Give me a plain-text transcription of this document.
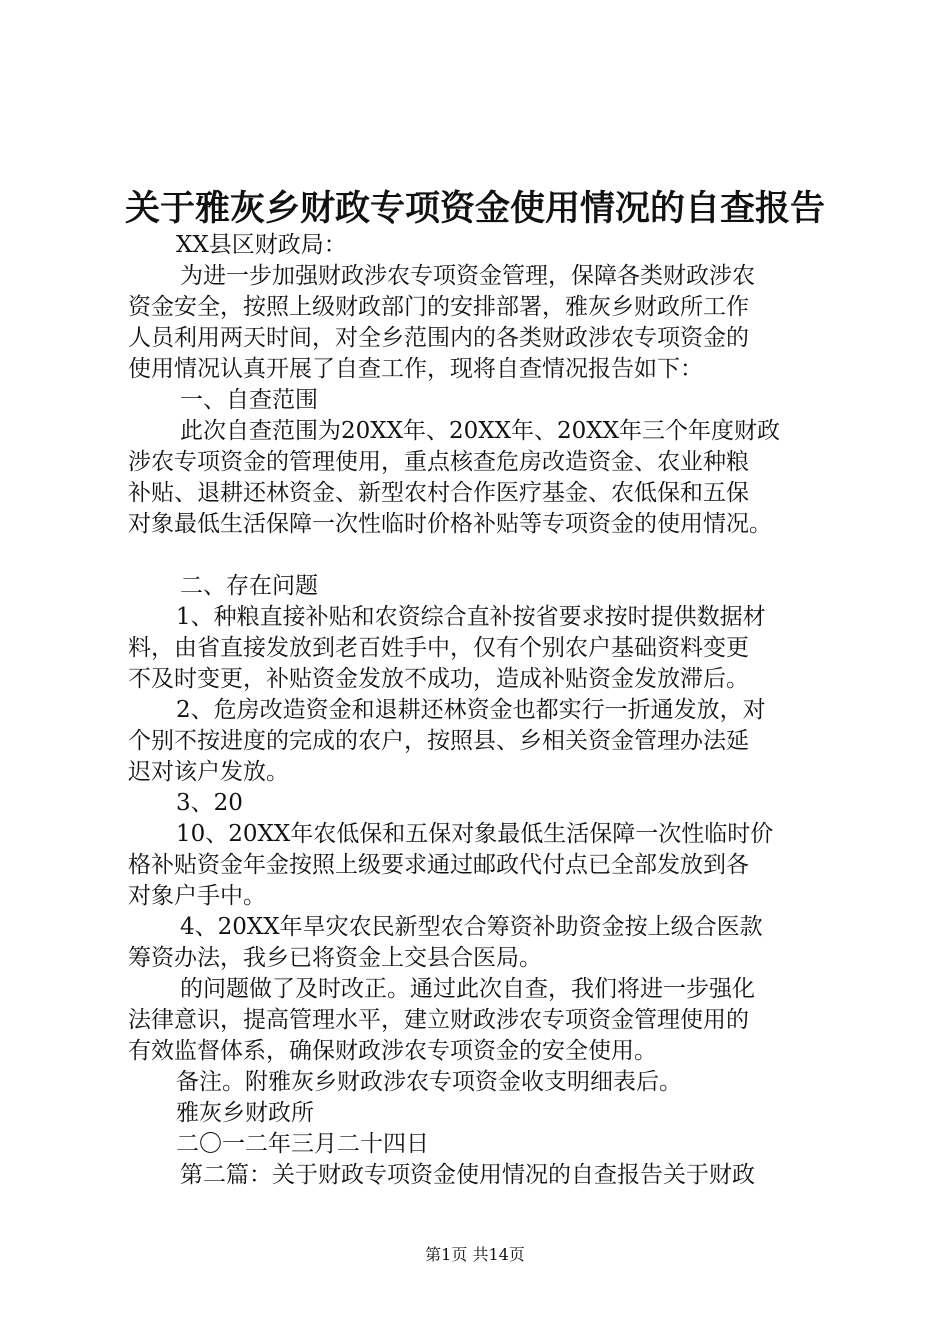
关于雅灰乡财政专项资金使用情况的自查报告

XX县区财政局：

为进一步加强财政涉农专项资金管理，保障各类财政涉农

资金安全，按照上级财政部门的安排部署，雅灰乡财政所工作

人员利用两天时间，对全乡范围内的各类财政涉农专项资金的

使用情况认真开展了自查工作，现将自查情况报告如下：

一、自查范围

此次自查范围为20XX年、20XX年、20XX年三个年度财政

涉农专项资金的管理使用，重点核查危房改造资金、农业种粮

补贴、退耕还林资金、新型农村合作医疗基金、农低保和五保

对象最低生活保障一次性临时价格补贴等专项资金的使用情况。

二、存在问题

1、种粮直接补贴和农资综合直补按省要求按时提供数据材

料，由省直接发放到老百姓手中，仅有个别农户基础资料变更

不及时变更，补贴资金发放不成功，造成补贴资金发放滞后。

2、危房改造资金和退耕还林资金也都实行一折通发放，对

个别不按进度的完成的农户，按照县、乡相关资金管理办法延

迟对该户发放。

3、20

10、20XX年农低保和五保对象最低生活保障一次性临时价

格补贴资金年金按照上级要求通过邮政代付点已全部发放到各

对象户手中。

4、20XX年旱灾农民新型农合筹资补助资金按上级合医款

筹资办法，我乡已将资金上交县合医局。

的问题做了及时改正。通过此次自查，我们将进一步强化

法律意识，提高管理水平，建立财政涉农专项资金管理使用的

有效监督体系，确保财政涉农专项资金的安全使用。

备注。附雅灰乡财政涉农专项资金收支明细表后。

雅灰乡财政所

二〇一二年三月二十四日

第二篇：关于财政专项资金使用情况的自查报告关于财政

第1页 共14页
